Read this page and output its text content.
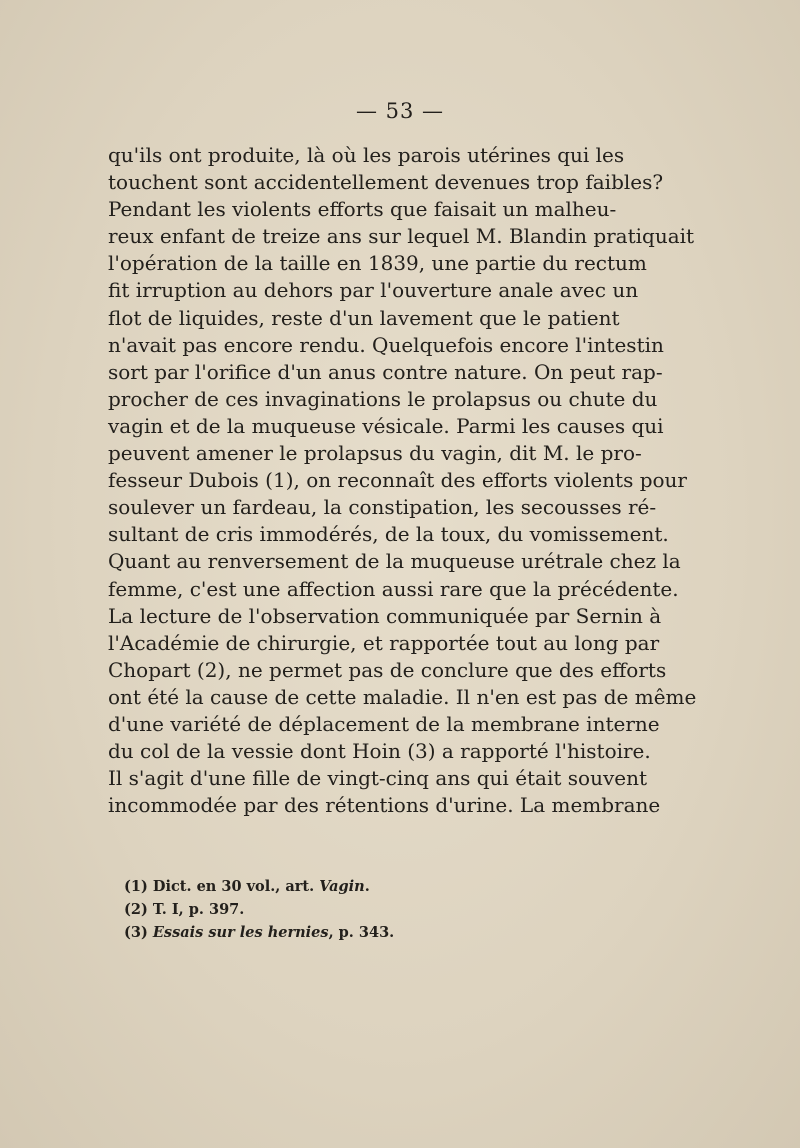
— 53 —
qu'ils ont produite, là où les parois utérines qui les
touchent sont accidentellement devenues trop faibles?
Pendant les violents efforts que faisait un malheu-
reux enfant de treize ans sur lequel M. Blandin pratiquait
l'opération de la taille en 1839, une partie du rectum
fit irruption au dehors par l'ouverture anale avec un
flot de liquides, reste d'un lavement que le patient
n'avait pas encore rendu. Quelquefois encore l'intestin
sort par l'orifice d'un anus contre nature. On peut rap-
procher de ces invaginations le prolapsus ou chute du
vagin et de la muqueuse vésicale. Parmi les causes qui
peuvent amener le prolapsus du vagin, dit M. le pro-
fesseur Dubois (1), on reconnaît des efforts violents pour
soulever un fardeau, la constipation, les secousses ré-
sultant de cris immodérés, de la toux, du vomissement.
Quant au renversement de la muqueuse urétrale chez la
femme, c'est une affection aussi rare que la précédente.
La lecture de l'observation communiquée par Sernin à
l'Académie de chirurgie, et rapportée tout au long par
Chopart (2), ne permet pas de conclure que des efforts
ont été la cause de cette maladie. Il n'en est pas de même
d'une variété de déplacement de la membrane interne
du col de la vessie dont Hoin (3) a rapporté l'histoire.
Il s'agit d'une fille de vingt-cinq ans qui était souvent
incommodée par des rétentions d'urine. La membrane
(1) Dict. en 30 vol., art. Vagin.
(2) T. I, p. 397.
(3) Essais sur les hernies, p. 343.
